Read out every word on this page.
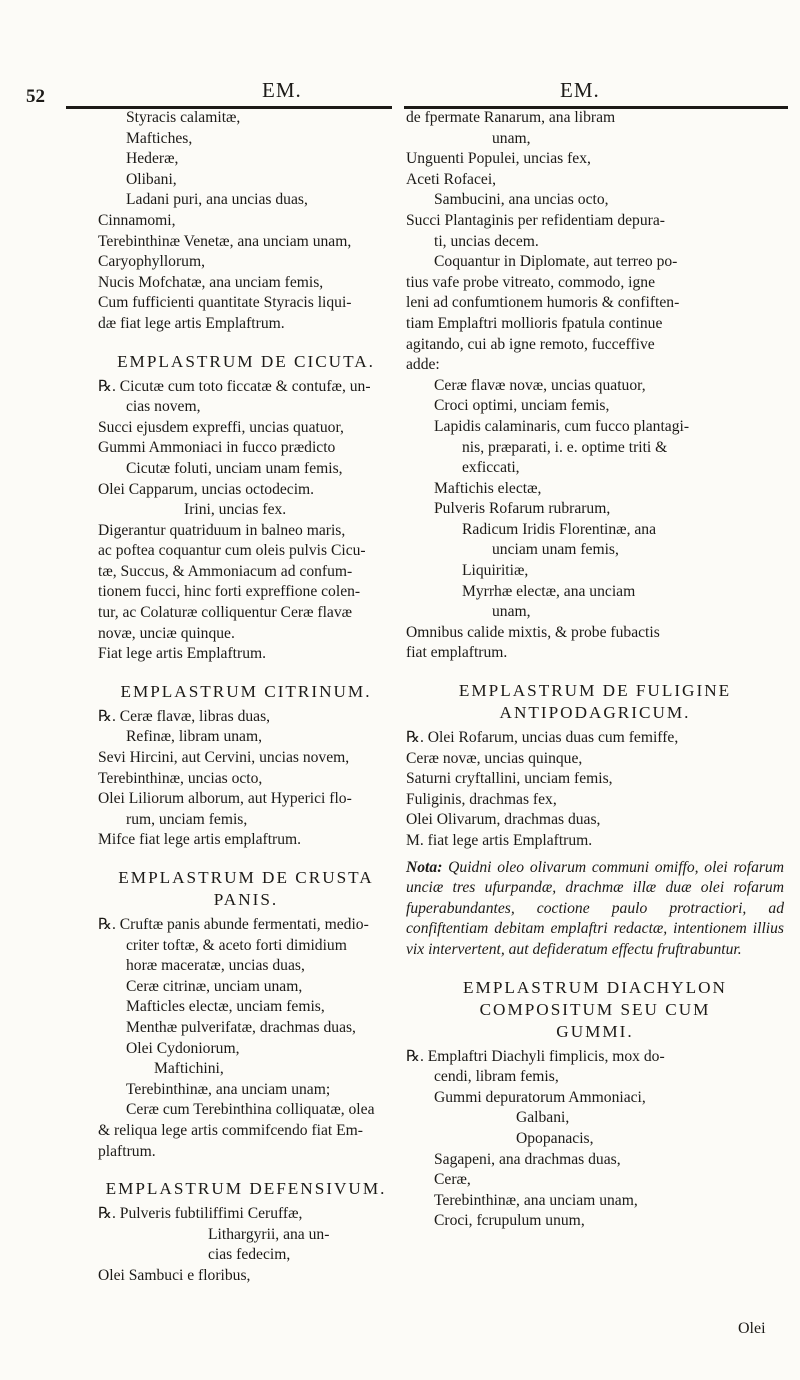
52	EM.	EM.

Styracis calamitæ,

Maftiches,

Hederæ,

Olibani,

Ladani puri, ana uncias duas,

Cinnamomi,

Terebinthinæ Venetæ, ana unciam unam,

Caryophyllorum,

Nucis Mofchatæ, ana unciam femis,

Cum fufficienti quantitate Styracis liqui-

dæ fiat lege artis Emplaftrum.

EMPLASTRUM DE CICUTA.

℞. Cicutæ cum toto ficcatæ & contufæ, un-

cias novem,

Succi ejusdem expreffi, uncias quatuor,

Gummi Ammoniaci in fucco prædicto

Cicutæ foluti, unciam unam femis,

Olei Capparum, uncias octodecim.

Irini, uncias fex.

Digerantur quatriduum in balneo maris,

ac poftea coquantur cum oleis pulvis Cicu-

tæ, Succus, & Ammoniacum ad confum-

tionem fucci, hinc forti expreffione colen-

tur, ac Colaturæ colliquentur Ceræ flavæ

novæ, unciæ quinque.

Fiat lege artis Emplaftrum.

EMPLASTRUM CITRINUM.

℞. Ceræ flavæ, libras duas,

Refinæ, libram unam,

Sevi Hircini, aut Cervini, uncias novem,

Terebinthinæ, uncias octo,

Olei Liliorum alborum, aut Hyperici flo-

rum, unciam femis,

Mifce fiat lege artis emplaftrum.

EMPLASTRUM DE CRUSTA PANIS.

℞. Cruftæ panis abunde fermentati, medio-

criter toftæ, & aceto forti dimidium

horæ maceratæ, uncias duas,

Ceræ citrinæ, unciam unam,

Mafticles electæ, unciam femis,

Menthæ pulverifatæ, drachmas duas,

Olei Cydoniorum,

Maftichini,

Terebinthinæ, ana unciam unam;

Ceræ cum Terebinthina colliquatæ, olea

& reliqua lege artis commifcendo fiat Em-

plaftrum.

EMPLASTRUM DEFENSIVUM.

℞. Pulveris fubtiliffimi Ceruffæ,

Lithargyrii, ana un-

cias fedecim,

Olei Sambuci e floribus,

de fpermate Ranarum, ana libram

unam,

Unguenti Populei, uncias fex,

Aceti Rofacei,

Sambucini, ana uncias octo,

Succi Plantaginis per refidentiam depura-

ti, uncias decem.

Coquantur in Diplomate, aut terreo po-

tius vafe probe vitreato, commodo, igne

leni ad confumtionem humoris & confiften-

tiam Emplaftri mollioris fpatula continue

agitando, cui ab igne remoto, fucceffive

adde:

Ceræ flavæ novæ, uncias quatuor,

Croci optimi, unciam femis,

Lapidis calaminaris, cum fucco plantagi-

nis, præparati, i. e. optime triti &

exficcati,

Maftichis electæ,

Pulveris Rofarum rubrarum,

Radicum Iridis Florentinæ, ana

unciam unam femis,

Liquiritiæ,

Myrrhæ electæ, ana unciam

unam,

Omnibus calide mixtis, & probe fubactis

fiat emplaftrum.

EMPLASTRUM DE FULIGINE

ANTIPODAGRICUM.

℞. Olei Rofarum, uncias duas cum femiffe,

Ceræ novæ, uncias quinque,

Saturni cryftallini, unciam femis,

Fuliginis, drachmas fex,

Olei Olivarum, drachmas duas,

M. fiat lege artis Emplaftrum.

Nota: Quidni oleo olivarum communi omiffo, olei rofarum unciæ tres ufurpandæ, drachmæ illæ duæ olei rofarum fuperabundantes, coctione paulo protractiori, ad confiftentiam debitam emplaftri redactæ, intentionem illius vix intervertent, aut defideratum effectu fruftrabuntur.

EMPLASTRUM DIACHYLON

COMPOSITUM SEU CUM

GUMMI.

℞. Emplaftri Diachyli fimplicis, mox do-

cendi, libram femis,

Gummi depuratorum Ammoniaci,

Galbani,

Opopanacis,

Sagapeni, ana drachmas duas,

Ceræ,

Terebinthinæ, ana unciam unam,

Croci, fcrupulum unum,

Olei
